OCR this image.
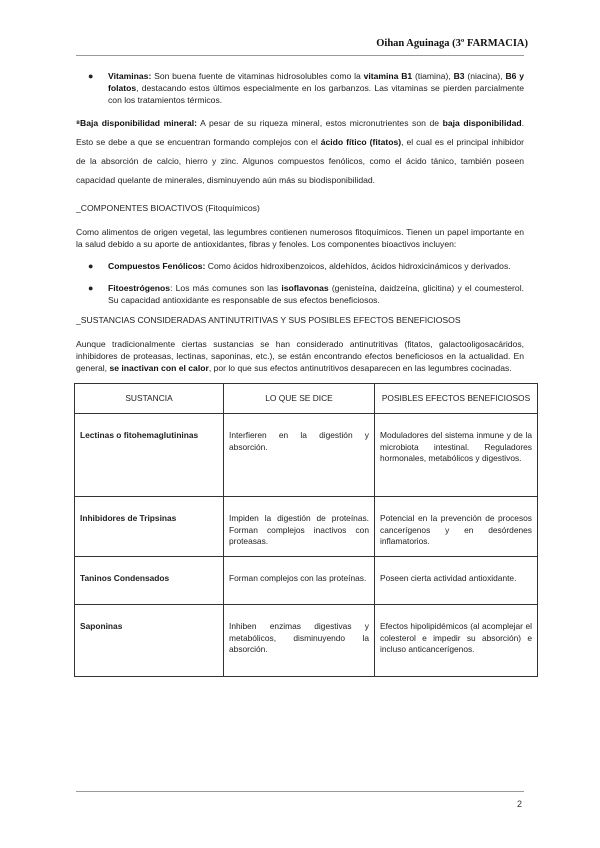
Oihan Aguinaga (3º FARMACIA)
● Vitaminas: Son buena fuente de vitaminas hidrosolubles como la vitamina B1 (tiamina), B3 (niacina), B6 y folatos, destacando estos últimos especialmente en los garbanzos. Las vitaminas se pierden parcialmente con los tratamientos térmicos.

⁸Baja disponibilidad mineral: A pesar de su riqueza mineral, estos micronutrientes son de baja disponibilidad. Esto se debe a que se encuentran formando complejos con el ácido fítico (fitatos), el cual es el principal inhibidor de la absorción de calcio, hierro y zinc. Algunos compuestos fenólicos, como el ácido tánico, también poseen capacidad quelante de minerales, disminuyendo aún más su biodisponibilidad.

_COMPONENTES BIOACTIVOS (Fitoquímicos)

Como alimentos de origen vegetal, las legumbres contienen numerosos fitoquímicos. Tienen un papel importante en la salud debido a su aporte de antioxidantes, fibras y fenoles. Los componentes bioactivos incluyen:

● Compuestos Fenólicos: Como ácidos hidroxibenzoicos, aldehídos, ácidos hidroxicinámicos y derivados.

● Fitoestrógenos: Los más comunes son las isoflavonas (genisteína, daidzeína, glicitina) y el coumesterol. Su capacidad antioxidante es responsable de sus efectos beneficiosos.

_SUSTANCIAS CONSIDERADAS ANTINUTRITIVAS Y SUS POSIBLES EFECTOS BENEFICIOSOS

Aunque tradicionalmente ciertas sustancias se han considerado antinutritivas (fitatos, galactooligosacáridos, inhibidores de proteasas, lectinas, saponinas, etc.), se están encontrando efectos beneficiosos en la actualidad. En general, se inactivan con el calor, por lo que sus efectos antinutritivos desaparecen en las legumbres cocinadas.

SUSTANCIA	LO QUE SE DICE	POSIBLES EFECTOS BENEFICIOSOS
Lectinas o fitohemaglutininas	Interfieren en la digestión y absorción.	Moduladores del sistema inmune y de la microbiota intestinal. Reguladores hormonales, metabólicos y digestivos.
Inhibidores de Tripsinas	Impiden la digestión de proteínas. Forman complejos inactivos con proteasas.	Potencial en la prevención de procesos cancerígenos y en desórdenes inflamatorios.
Taninos Condensados	Forman complejos con las proteínas.	Poseen cierta actividad antioxidante.
Saponinas	Inhiben enzimas digestivas y metabólicos, disminuyendo la absorción.	Efectos hipolipidémicos (al acomplejar el colesterol e impedir su absorción) e incluso anticancerígenos.
2
